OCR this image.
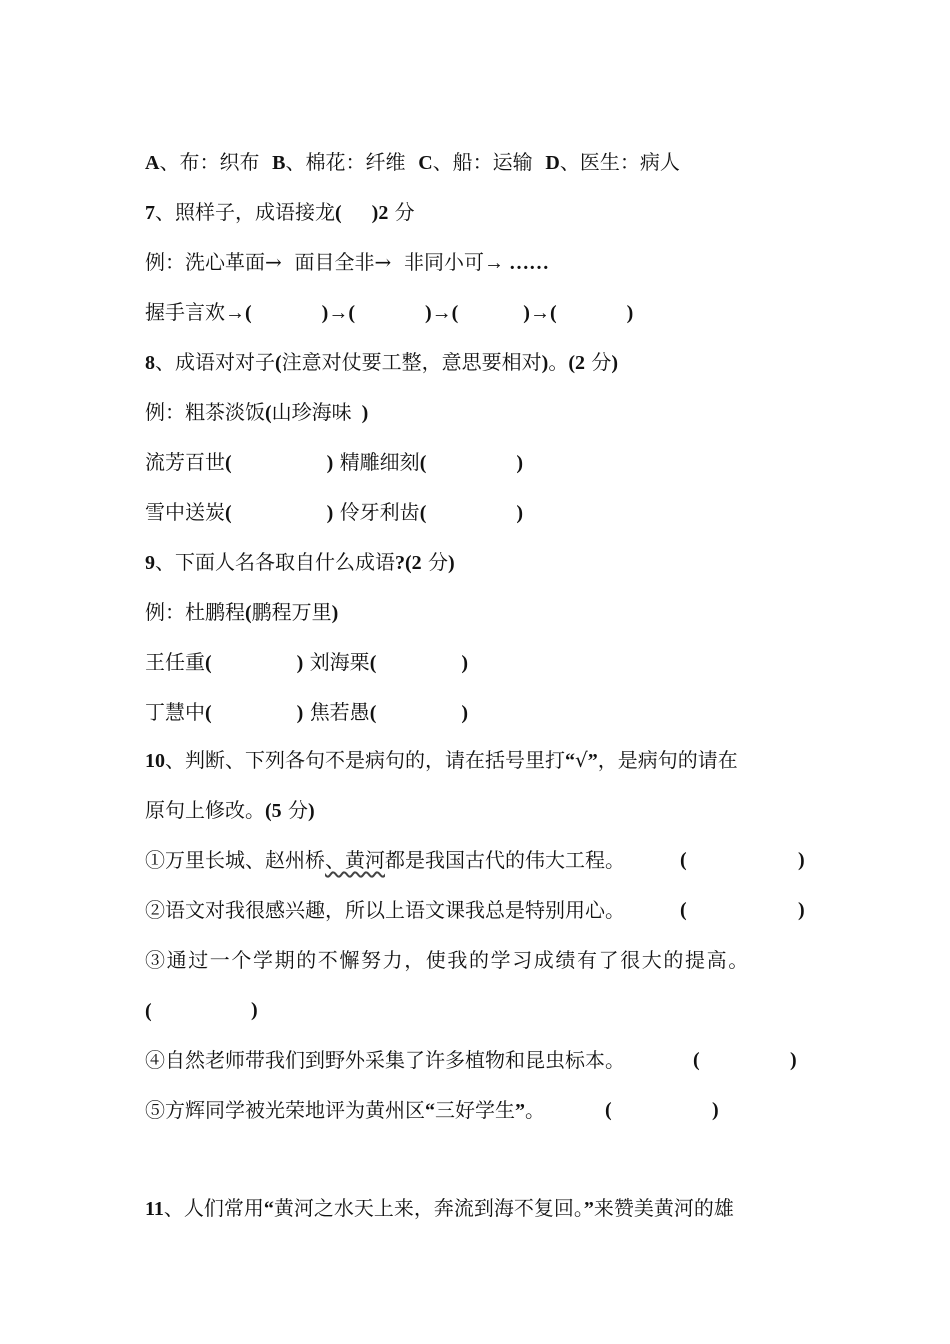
A、布：织布  B、棉花：纤维  C、船：运输  D、医生：病人

7、照样子，成语接龙(      )2 分

例：洗心革面→  面目全非→  非同小可→ ……

握手言欢→(              )→(              )→(             )→(              )

8、成语对对子(注意对仗要工整，意思要相对)。(2 分)

例：粗茶淡饭(山珍海味  )

流芳百世(                   ) 精雕细刻(                  )

雪中送炭(                   ) 伶牙利齿(                  )

9、下面人名各取自什么成语?(2 分)

例：杜鹏程(鹏程万里)

王任重(                 ) 刘海栗(                 )

丁慧中(                 ) 焦若愚(                 )

10、判断、下列各句不是病句的，请在括号里打“√”，是病句的请在

原句上修改。(5 分)

①万里长城、赵州桥、黄河都是我国古代的伟大工程。	(	)

②语文对我很感兴趣，所以上语文课我总是特别用心。	(	)

③通过一个学期的不懈努力，使我的学习成绩有了很大的提高。

(	)

④自然老师带我们到野外采集了许多植物和昆虫标本。	(	)

⑤方辉同学被光荣地评为黄州区“三好学生”。	(	)

11、人们常用“黄河之水天上来，奔流到海不复回。”来赞美黄河的雄
